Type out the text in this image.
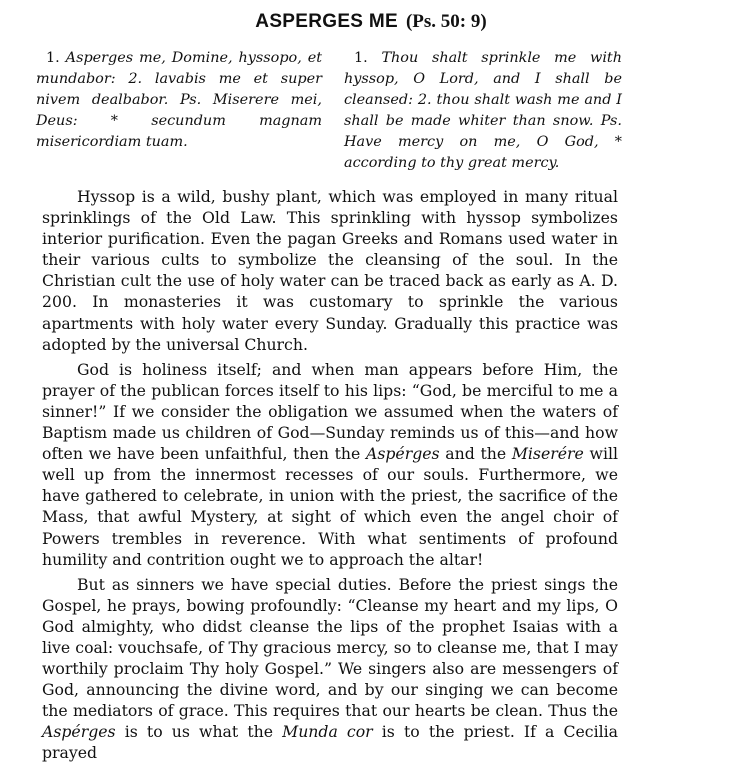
ASPERGES ME (Ps. 50: 9)
1. Asperges me, Domine, hyssopo, et mundabor: 2. lavabis me et super nivem dealbabor. Ps. Miserere mei, Deus: * secundum magnam misericordiam tuam.
1. Thou shalt sprinkle me with hyssop, O Lord, and I shall be cleansed: 2. thou shalt wash me and I shall be made whiter than snow. Ps. Have mercy on me, O God, * according to thy great mercy.

Hyssop is a wild, bushy plant, which was employed in many ritual sprinklings of the Old Law. This sprinkling with hyssop symbolizes interior purification. Even the pagan Greeks and Romans used water in their various cults to symbolize the cleansing of the soul. In the Christian cult the use of holy water can be traced back as early as A. D. 200. In monasteries it was customary to sprinkle the various apartments with holy water every Sunday. Gradually this practice was adopted by the universal Church.

God is holiness itself; and when man appears before Him, the prayer of the publican forces itself to his lips: “God, be merciful to me a sinner!” If we consider the obligation we assumed when the waters of Baptism made us children of God—Sunday reminds us of this—and how often we have been unfaithful, then the Aspérges and the Miserére will well up from the innermost recesses of our souls. Furthermore, we have gathered to celebrate, in union with the priest, the sacrifice of the Mass, that awful Mystery, at sight of which even the angel choir of Powers trembles in reverence. With what sentiments of profound humility and contrition ought we to approach the altar!

But as sinners we have special duties. Before the priest sings the Gospel, he prays, bowing profoundly: “Cleanse my heart and my lips, O God almighty, who didst cleanse the lips of the prophet Isaias with a live coal: vouchsafe, of Thy gracious mercy, so to cleanse me, that I may worthily proclaim Thy holy Gospel.” We singers also are messengers of God, announcing the divine word, and by our singing we can become the mediators of grace. This requires that our hearts be clean. Thus the Aspérges is to us what the Munda cor is to the priest. If a Cecilia prayed
